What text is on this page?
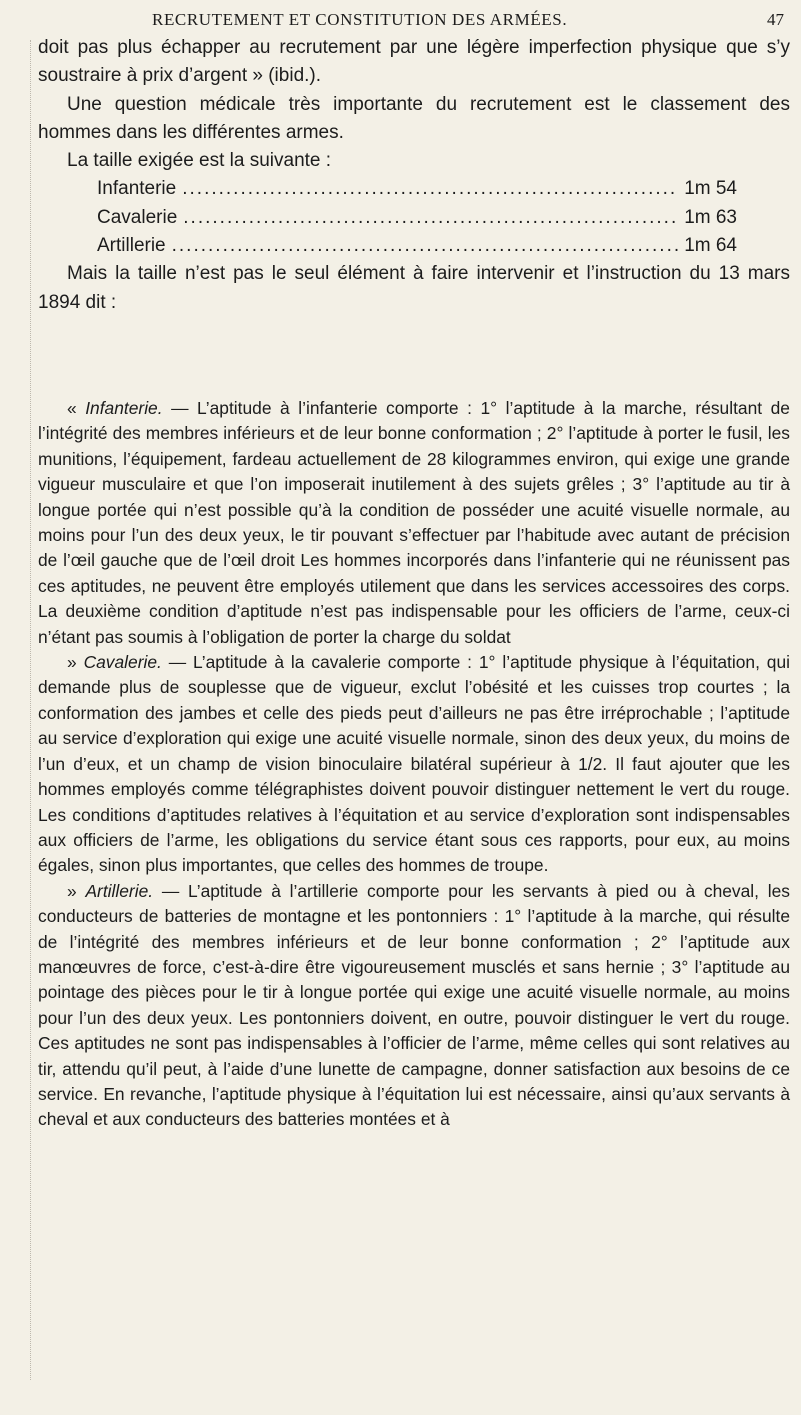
RECRUTEMENT ET CONSTITUTION DES ARMÉES.	47

doit pas plus échapper au recrutement par une légère imperfection physique que s’y soustraire à prix d’argent » (ibid.).

Une question médicale très importante du recrutement est le classement des hommes dans les différentes armes.

La taille exigée est la suivante :

Infanterie .....	1m 54
Cavalerie .....	1m 63
Artillerie .....	1m 64

Mais la taille n’est pas le seul élément à faire intervenir et l’instruction du 13 mars 1894 dit :

« Infanterie. — L’aptitude à l’infanterie comporte : 1° l’aptitude à la marche, résultant de l’intégrité des membres inférieurs et de leur bonne conformation ; 2° l’aptitude à porter le fusil, les munitions, l’équipement, fardeau actuellement de 28 kilogrammes environ, qui exige une grande vigueur musculaire et que l’on imposerait inutilement à des sujets grêles ; 3° l’aptitude au tir à longue portée qui n’est possible qu’à la condition de posséder une acuité visuelle normale, au moins pour l’un des deux yeux, le tir pouvant s’effectuer par l’habitude avec autant de précision de l’œil gauche que de l’œil droit Les hommes incorporés dans l’infanterie qui ne réunissent pas ces aptitudes, ne peuvent être employés utilement que dans les services accessoires des corps. La deuxième condition d’aptitude n’est pas indispensable pour les officiers de l’arme, ceux-ci n’étant pas soumis à l’obligation de porter la charge du soldat

» Cavalerie. — L’aptitude à la cavalerie comporte : 1° l’aptitude physique à l’équitation, qui demande plus de souplesse que de vigueur, exclut l’obésité et les cuisses trop courtes ; la conformation des jambes et celle des pieds peut d’ailleurs ne pas être irréprochable ; l’aptitude au service d’exploration qui exige une acuité visuelle normale, sinon des deux yeux, du moins de l’un d’eux, et un champ de vision binoculaire bilatéral supérieur à 1/2. Il faut ajouter que les hommes employés comme télégraphistes doivent pouvoir distinguer nettement le vert du rouge. Les conditions d’aptitudes relatives à l’équitation et au service d’exploration sont indispensables aux officiers de l’arme, les obligations du service étant sous ces rapports, pour eux, au moins égales, sinon plus importantes, que celles des hommes de troupe.

» Artillerie. — L’aptitude à l’artillerie comporte pour les servants à pied ou à cheval, les conducteurs de batteries de montagne et les pontonniers : 1° l’aptitude à la marche, qui résulte de l’intégrité des membres inférieurs et de leur bonne conformation ; 2° l’aptitude aux manœuvres de force, c’est-à-dire être vigoureusement musclés et sans hernie ; 3° l’aptitude au pointage des pièces pour le tir à longue portée qui exige une acuité visuelle normale, au moins pour l’un des deux yeux. Les pontonniers doivent, en outre, pouvoir distinguer le vert du rouge. Ces aptitudes ne sont pas indispensables à l’officier de l’arme, même celles qui sont relatives au tir, attendu qu’il peut, à l’aide d’une lunette de campagne, donner satisfaction aux besoins de ce service. En revanche, l’aptitude physique à l’équitation lui est nécessaire, ainsi qu’aux servants à cheval et aux conducteurs des batteries montées et à
